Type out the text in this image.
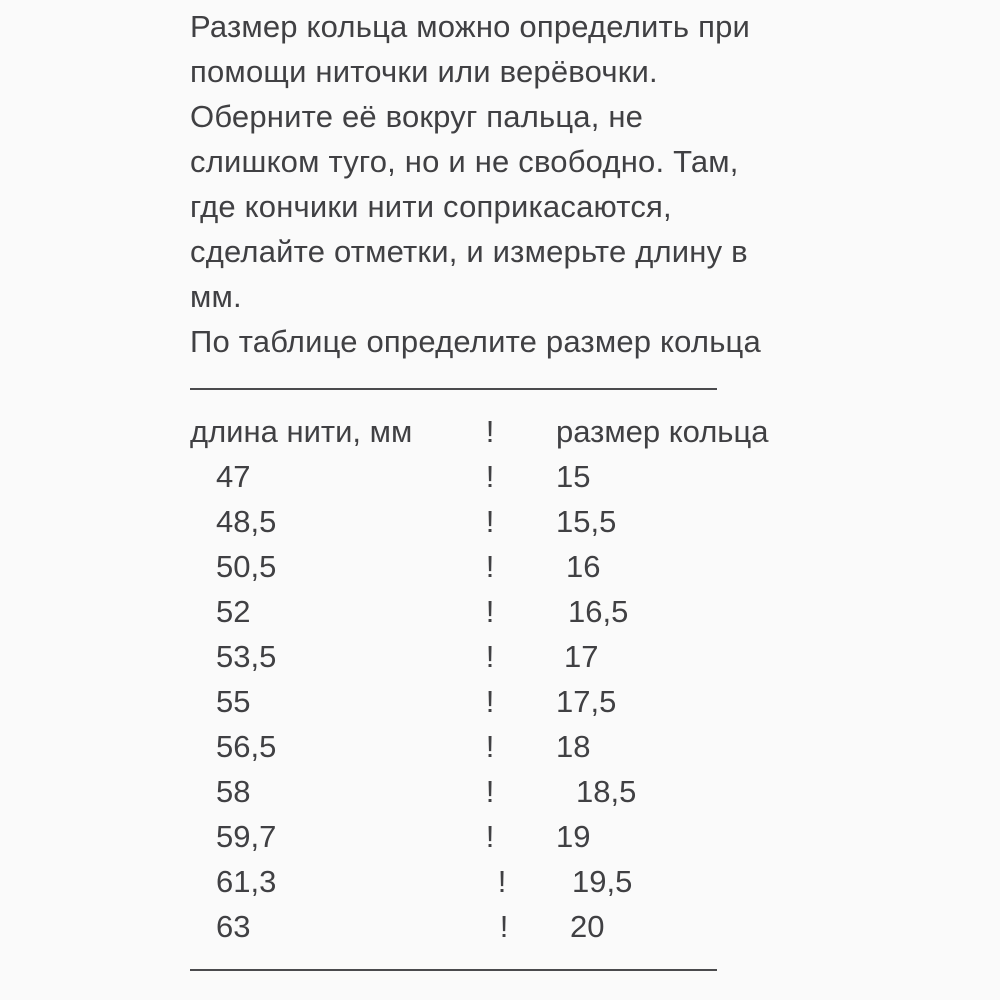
Размер кольца можно определить при
помощи ниточки или верёвочки.
Оберните её вокруг пальца, не
слишком туго, но и не свободно. Там,
где кончики нити соприкасаются,
сделайте отметки, и измерьте длину в
мм.
По таблице определите размер кольца
—————————————————
длина нити, мм	!	размер кольца
47	!	15
48,5	!	15,5
50,5	!	16
52	!	16,5
53,5	!	17
55	!	17,5
56,5	!	18
58	!	18,5
59,7	!	19
61,3	!	19,5
63	!	20
—————————————————
